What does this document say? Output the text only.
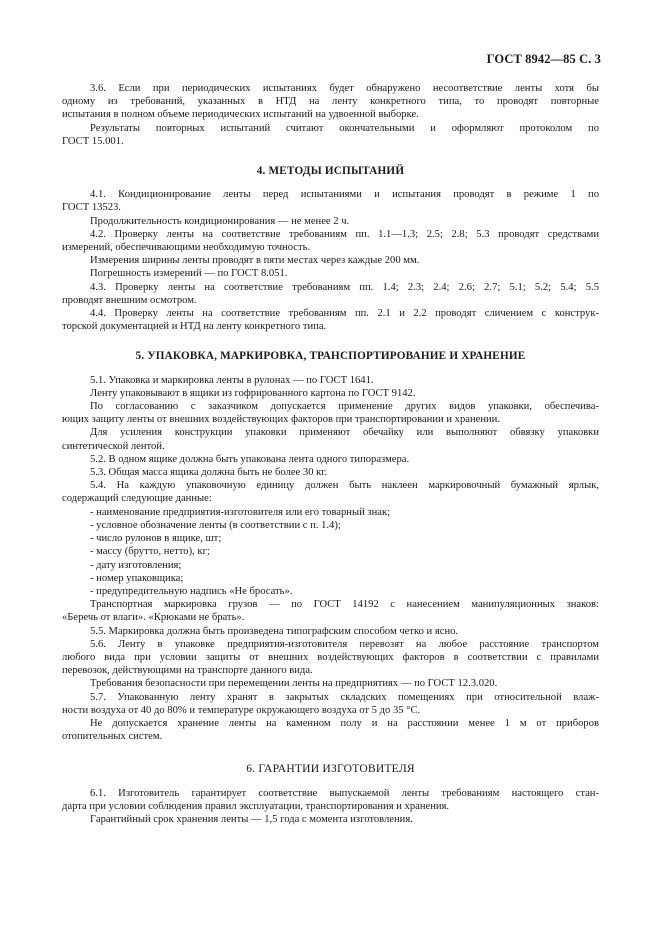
ГОСТ 8942—85 С. 3

3.6. Если при периодических испытаниях будет обнаружено несоответствие ленты хотя бы

одному из требований, указанных в НТД на ленту конкретного типа, то проводят повторные

испытания в полном объеме периодических испытаний на удвоенной выборке.

Результаты повторных испытаний считают окончательными и оформляют протоколом по

ГОСТ 15.001.

4. МЕТОДЫ ИСПЫТАНИЙ

4.1. Кондиционирование ленты перед испытаниями и испытания проводят в режиме 1 по

ГОСТ 13523.

Продолжительность кондиционирования — не менее 2 ч.

4.2. Проверку ленты на соответствие требованиям пп. 1.1—1.3; 2.5; 2.8; 5.3 проводят средствами

измерений, обеспечивающими необходимую точность.

Измерения ширины ленты проводят в пяти местах через каждые 200 мм.

Погрешность измерений — по ГОСТ 8.051.

4.3. Проверку ленты на соответствие требованиям пп. 1.4; 2.3; 2.4; 2.6; 2.7; 5.1; 5.2; 5.4; 5.5

проводят внешним осмотром.

4.4. Проверку ленты на соответствие требованиям пп. 2.1 и 2.2 проводят сличением с конструк-

торской документацией и НТД на ленту конкретного типа.

5. УПАКОВКА, МАРКИРОВКА, ТРАНСПОРТИРОВАНИЕ И ХРАНЕНИЕ

5.1. Упаковка и маркировка ленты в рулонах — по ГОСТ 1641.

Ленту упаковывают в ящики из гофрированного картона по ГОСТ 9142.

По согласованию с заказчиком допускается применение других видов упаковки, обеспечива-

ющих защиту ленты от внешних воздействующих факторов при транспортировании и хранении.

Для усиления конструкции упаковки применяют обечайку или выполняют обвязку упаковки

синтетической лентой.

5.2. В одном ящике должна быть упакована лента одного типоразмера.

5.3. Общая масса ящика должна быть не более 30 кг.

5.4. На каждую упаковочную единицу должен быть наклеен маркировочный бумажный ярлык,

содержащий следующие данные:

- наименование предприятия-изготовителя или его товарный знак;

- условное обозначение ленты (в соответствии с п. 1.4);

- число рулонов в ящике, шт;

- массу (брутто, нетто), кг;

- дату изготовления;

- номер упаковщика;

- предупредительную надпись «Не бросать».

Транспортная маркировка грузов — по ГОСТ 14192 с нанесением манипуляционных знаков:

«Беречь от влаги». «Крюками не брать».

5.5. Маркировка должна быть произведена типографским способом четко и ясно.

5.6. Ленту в упаковке предприятия-изготовителя перевозят на любое расстояние транспортом

любого вида при условии защиты от внешних воздействующих факторов в соответствии с правилами

перевозок, действующими на транспорте данного вида.

Требования безопасности при перемещении ленты на предприятиях — по ГОСТ 12.3.020.

5.7. Упакованную ленту хранят в закрытых складских помещениях при относительной влаж-

ности воздуха от 40 до 80% и температуре окружающего воздуха от 5 до 35 °С.

Не допускается хранение ленты на каменном полу и на расстоянии менее 1 м от приборов

отопительных систем.

6. ГАРАНТИИ ИЗГОТОВИТЕЛЯ

6.1. Изготовитель гарантирует соответствие выпускаемой ленты требованиям настоящего стан-

дарта при условии соблюдения правил эксплуатации, транспортирования и хранения.

Гарантийный срок хранения ленты — 1,5 года с момента изготовления.
